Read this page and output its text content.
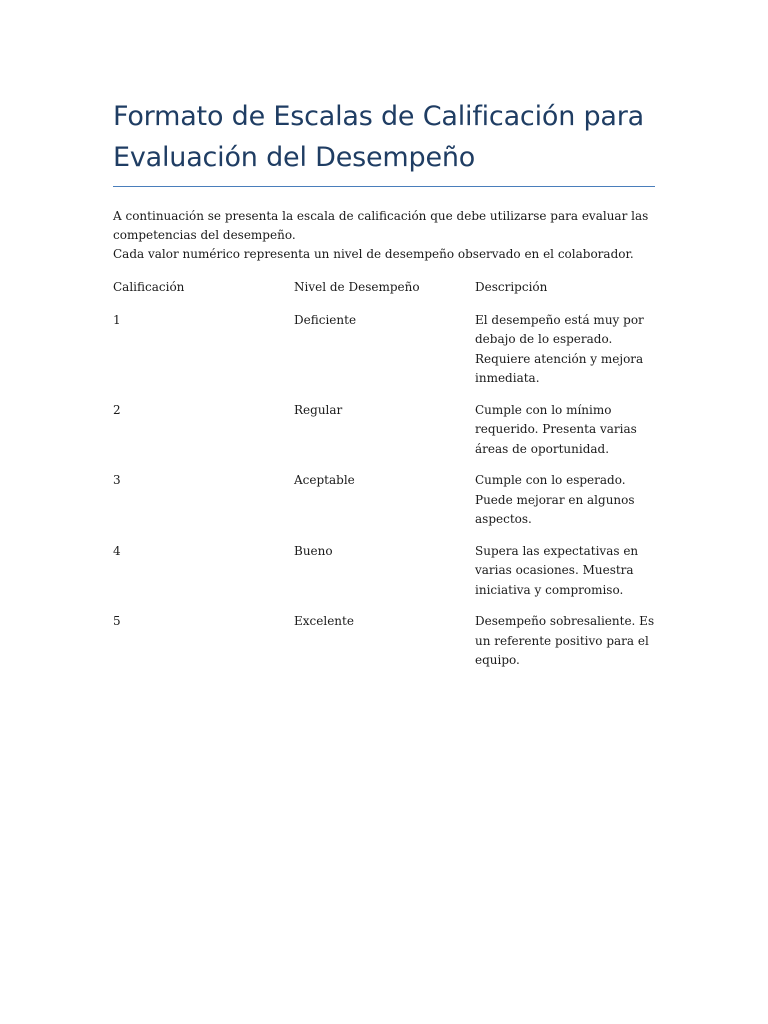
Formato de Escalas de Calificación para
Evaluación del Desempeño

A continuación se presenta la escala de calificación que debe utilizarse para evaluar las competencias del desempeño.

Cada valor numérico representa un nivel de desempeño observado en el colaborador.

Calificación	Nivel de Desempeño	Descripción
1	Deficiente	El desempeño está muy por debajo de lo esperado. Requiere atención y mejora inmediata.
2	Regular	Cumple con lo mínimo requerido. Presenta varias áreas de oportunidad.
3	Aceptable	Cumple con lo esperado. Puede mejorar en algunos aspectos.
4	Bueno	Supera las expectativas en varias ocasiones. Muestra iniciativa y compromiso.
5	Excelente	Desempeño sobresaliente. Es un referente positivo para el equipo.
